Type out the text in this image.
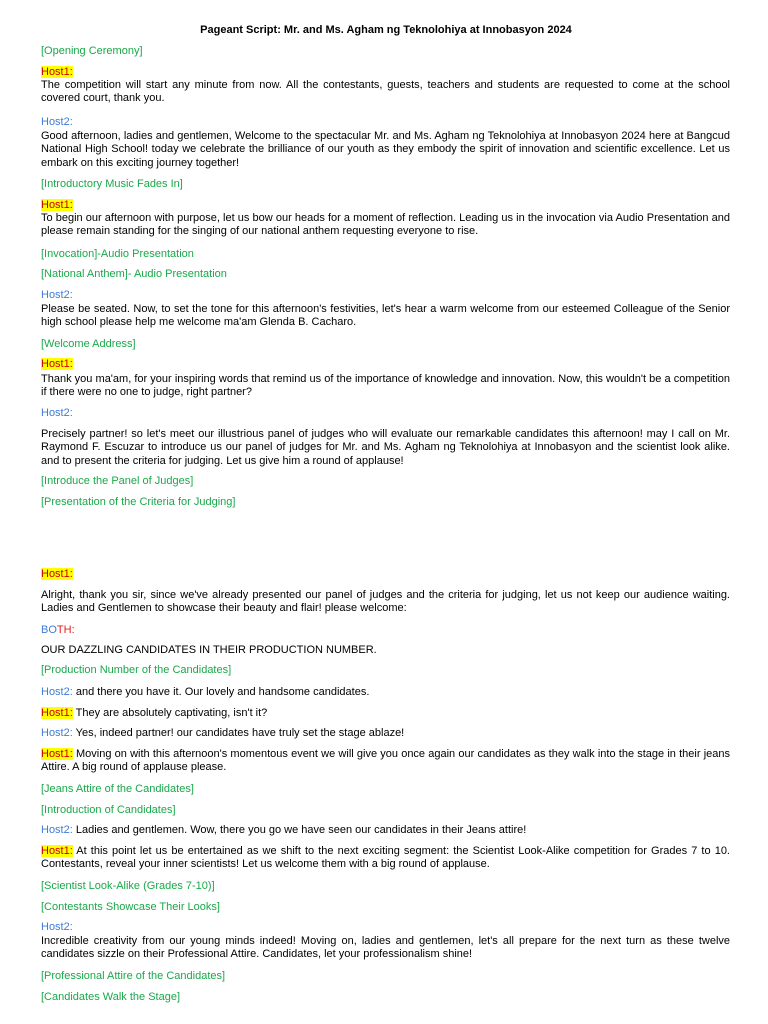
Pageant Script: Mr. and Ms. Agham ng Teknolohiya at Innobasyon 2024
[Opening Ceremony]
Host1:
The competition will start any minute from now. All the contestants, guests, teachers and students are requested to come at the school covered court, thank you.
Host2:
Good afternoon, ladies and gentlemen, Welcome to the spectacular Mr. and Ms. Agham ng Teknolohiya at Innobasyon 2024 here at Bangcud National High School! today we celebrate the brilliance of our youth as they embody the spirit of innovation and scientific excellence. Let us embark on this exciting journey together!
[Introductory Music Fades In]
Host1:
To begin our afternoon with purpose, let us bow our heads for a moment of reflection. Leading us in the invocation via Audio Presentation and please remain standing for the singing of our national anthem requesting everyone to rise.
[Invocation]-Audio Presentation
[National Anthem]- Audio Presentation
Host2:
Please be seated. Now, to set the tone for this afternoon's festivities, let's hear a warm welcome from our esteemed Colleague of the Senior high school please help me welcome ma'am Glenda B. Cacharo.
[Welcome Address]
Host1:
Thank you ma'am, for your inspiring words that remind us of the importance of knowledge and innovation. Now, this wouldn't be a competition if there were no one to judge, right partner?
Host2:
Precisely partner! so let's meet our illustrious panel of judges who will evaluate our remarkable candidates this afternoon! may I call on Mr. Raymond F. Escuzar to introduce us our panel of judges for Mr. and Ms. Agham ng Teknolohiya at Innobasyon and the scientist look alike. and to present the criteria for judging. Let us give him a round of applause!
[Introduce the Panel of Judges]
[Presentation of the Criteria for Judging]
Host1:
Alright, thank you sir, since we've already presented our panel of judges and the criteria for judging, let us not keep our audience waiting. Ladies and Gentlemen to showcase their beauty and flair! please welcome:
BOTH:
OUR DAZZLING CANDIDATES IN THEIR PRODUCTION NUMBER.
[Production Number of the Candidates]
Host2: and there you have it. Our lovely and handsome candidates.
Host1: They are absolutely captivating, isn't it?
Host2: Yes, indeed partner! our candidates have truly set the stage ablaze!
Host1: Moving on with this afternoon's momentous event we will give you once again our candidates as they walk into the stage in their jeans Attire. A big round of applause please.
[Jeans Attire of the Candidates]
[Introduction of Candidates]
Host2: Ladies and gentlemen. Wow, there you go we have seen our candidates in their Jeans attire!
Host1: At this point let us be entertained as we shift to the next exciting segment: the Scientist Look-Alike competition for Grades 7 to 10. Contestants, reveal your inner scientists! Let us welcome them with a big round of applause.
[Scientist Look-Alike (Grades 7-10)]
[Contestants Showcase Their Looks]
Host2:
Incredible creativity from our young minds indeed! Moving on, ladies and gentlemen, let's all prepare for the next turn as these twelve candidates sizzle on their Professional Attire. Candidates, let your professionalism shine!
[Professional Attire of the Candidates]
[Candidates Walk the Stage]
